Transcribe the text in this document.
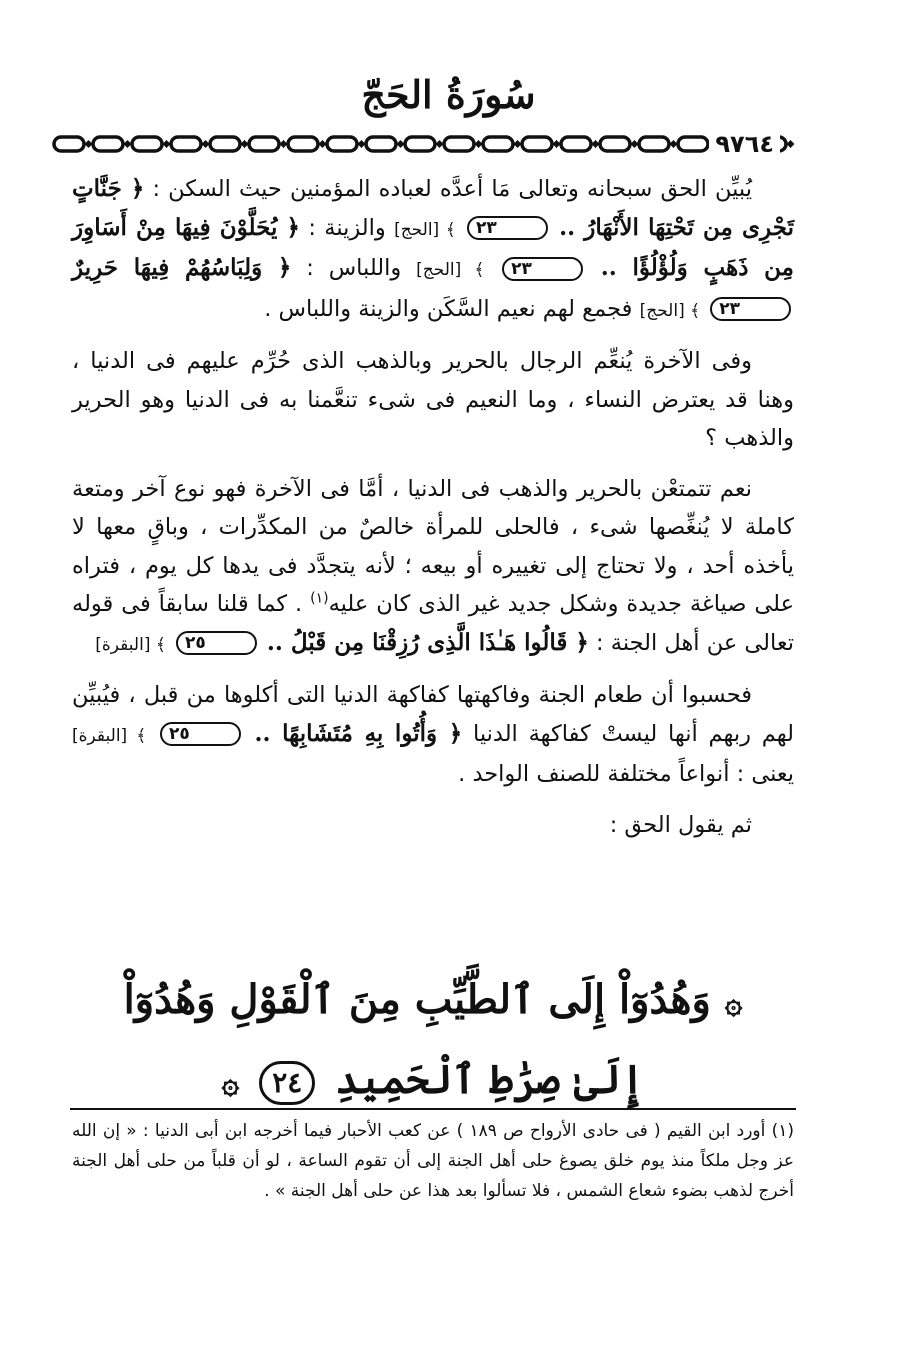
سُورَةُ الحَجّ
٩٧٦٤

يُبيِّن الحق سبحانه وتعالى مَا أعدَّه لعباده المؤمنين حيث السكن : ﴿ جَنَّاتٍ تَجْرِى مِن تَحْتِهَا الأَنْهَارُ .. ٢٣ ﴾ [الحج] والزينة : ﴿ يُحَلَّوْنَ فِيهَا مِنْ أَسَاوِرَ مِن ذَهَبٍ وَلُؤْلُؤًا .. ٢٣ ﴾ [الحج] واللباس : ﴿ وَلِبَاسُهُمْ فِيهَا حَرِيرٌ ٢٣ ﴾ [الحج] فجمع لهم نعيم السَّكَن والزينة واللباس .

وفى الآخرة يُنعِّم الرجال بالحرير وبالذهب الذى حُرِّم عليهم فى الدنيا ، وهنا قد يعترض النساء ، وما النعيم فى شىء تنعَّمنا به فى الدنيا وهو الحرير والذهب ؟

نعم تتمتعْن بالحرير والذهب فى الدنيا ، أمَّا فى الآخرة فهو نوع آخر ومتعة كاملة لا يُنغِّصها شىء ، فالحلى للمرأة خالصٌ من المكدِّرات ، وباقٍ معها لا يأخذه أحد ، ولا تحتاج إلى تغييره أو بيعه ؛ لأنه يتجدَّد فى يدها كل يوم ، فتراه على صياغة جديدة وشكل جديد غير الذى كان عليه$^{(١)}$ . كما قلنا سابقاً فى قوله تعالى عن أهل الجنة : ﴿ قَالُوا هَـٰذَا الَّذِى رُزِقْنَا مِن قَبْلُ .. ٢٥ ﴾ [البقرة]

فحسبوا أن طعام الجنة وفاكهتها كفاكهة الدنيا التى أكلوها من قبل ، فيُبيِّن لهم ربهم أنها ليستْ كفاكهة الدنيا ﴿ وَأُتُوا بِهِ مُتَشَابِهًا .. ٢٥ ﴾ [البقرة] يعنى : أنواعاً مختلفة للصنف الواحد .

ثم يقول الحق :

۞ وَهُدُوٓاْ إِلَى ٱلطَّيِّبِ مِنَ ٱلْقَوْلِ وَهُدُوٓاْ
إِلَىٰ صِرَٰطِ ٱلْحَمِيدِ ٢٤ ۞

(١) أورد ابن القيم ( فى حادى الأرواح ص ١٨٩ ) عن كعب الأحبار فيما أخرجه ابن أبى الدنيا : « إن الله عز وجل ملكاً منذ يوم خلق يصوغ حلى أهل الجنة إلى أن تقوم الساعة ، لو أن قلباً من حلى أهل الجنة أخرج لذهب بضوء شعاع الشمس ، فلا تسألوا بعد هذا عن حلى أهل الجنة » .
